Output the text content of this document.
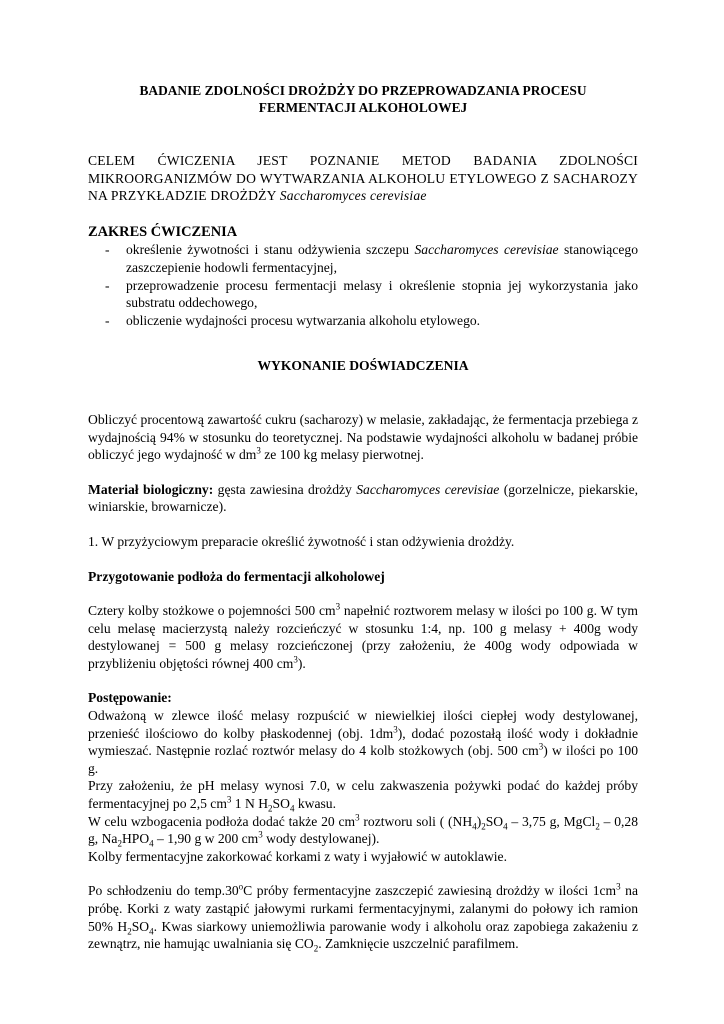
BADANIE ZDOLNOŚCI DROŻDŻY DO PRZEPROWADZANIA PROCESU
FERMENTACJI ALKOHOLOWEJ

CELEM ĆWICZENIA JEST POZNANIE METOD BADANIA ZDOLNOŚCI MIKROORGANIZMÓW DO WYTWARZANIA ALKOHOLU ETYLOWEGO Z SACHAROZY NA PRZYKŁADZIE DROŻDŻY Saccharomyces cerevisiae

ZAKRES ĆWICZENIA

- określenie żywotności i stanu odżywienia szczepu Saccharomyces cerevisiae stanowiącego zaszczepienie hodowli fermentacyjnej,
- przeprowadzenie procesu fermentacji melasy i określenie stopnia jej wykorzystania jako substratu oddechowego,
- obliczenie wydajności procesu wytwarzania alkoholu etylowego.

WYKONANIE DOŚWIADCZENIA

Obliczyć procentową zawartość cukru (sacharozy) w melasie, zakładając, że fermentacja przebiega z wydajnością 94% w stosunku do teoretycznej. Na podstawie wydajności alkoholu w badanej próbie obliczyć jego wydajność w $dm^3$ ze 100 kg melasy pierwotnej.

Materiał biologiczny: gęsta zawiesina drożdży Saccharomyces cerevisiae (gorzelnicze, piekarskie, winiarskie, browarnicze).

1. W przyżyciowym preparacie określić żywotność i stan odżywienia drożdży.

Przygotowanie podłoża do fermentacji alkoholowej

Cztery kolby stożkowe o pojemności 500 $cm^3$ napełnić roztworem melasy w ilości po 100 g. W tym celu melasę macierzystą należy rozcieńczyć w stosunku 1:4, np. 100 g melasy + 400g wody destylowanej = 500 g melasy rozcieńczonej (przy założeniu, że 400g wody odpowiada w przybliżeniu objętości równej 400 $cm^3$).

Postępowanie:

Odważoną w zlewce ilość melasy rozpuścić w niewielkiej ilości ciepłej wody destylowanej, przenieść ilościowo do kolby płaskodennej (obj. $1dm^3$), dodać pozostałą ilość wody i dokładnie wymieszać. Następnie rozlać roztwór melasy do 4 kolb stożkowych (obj. 500 $cm^3$) w ilości po 100 g.

Przy założeniu, że pH melasy wynosi 7.0, w celu zakwaszenia pożywki podać do każdej próby fermentacyjnej po 2,5 $cm^3$ 1 N $H_2SO_4$ kwasu.

W celu wzbogacenia podłoża dodać także 20 $cm^3$ roztworu soli ( $(NH_4)_2SO_4 - 3,75$ g, MgCl$_2$ – 0,28 g, $Na_2HPO_4 - 1,90$ g w 200 $cm^3$ wody destylowanej).

Kolby fermentacyjne zakorkować korkami z waty i wyjałowić w autoklawie.

Po schłodzeniu do temp.30$^o$C próby fermentacyjne zaszczepić zawiesiną drożdży w ilości $1cm^3$ na próbę. Korki z waty zastąpić jałowymi rurkami fermentacyjnymi, zalanymi do połowy ich ramion 50% $H_2SO_4$. Kwas siarkowy uniemożliwia parowanie wody i alkoholu oraz zapobiega zakażeniu z zewnątrz, nie hamując uwalniania się $CO_2$. Zamknięcie uszczelnić parafilmem.
